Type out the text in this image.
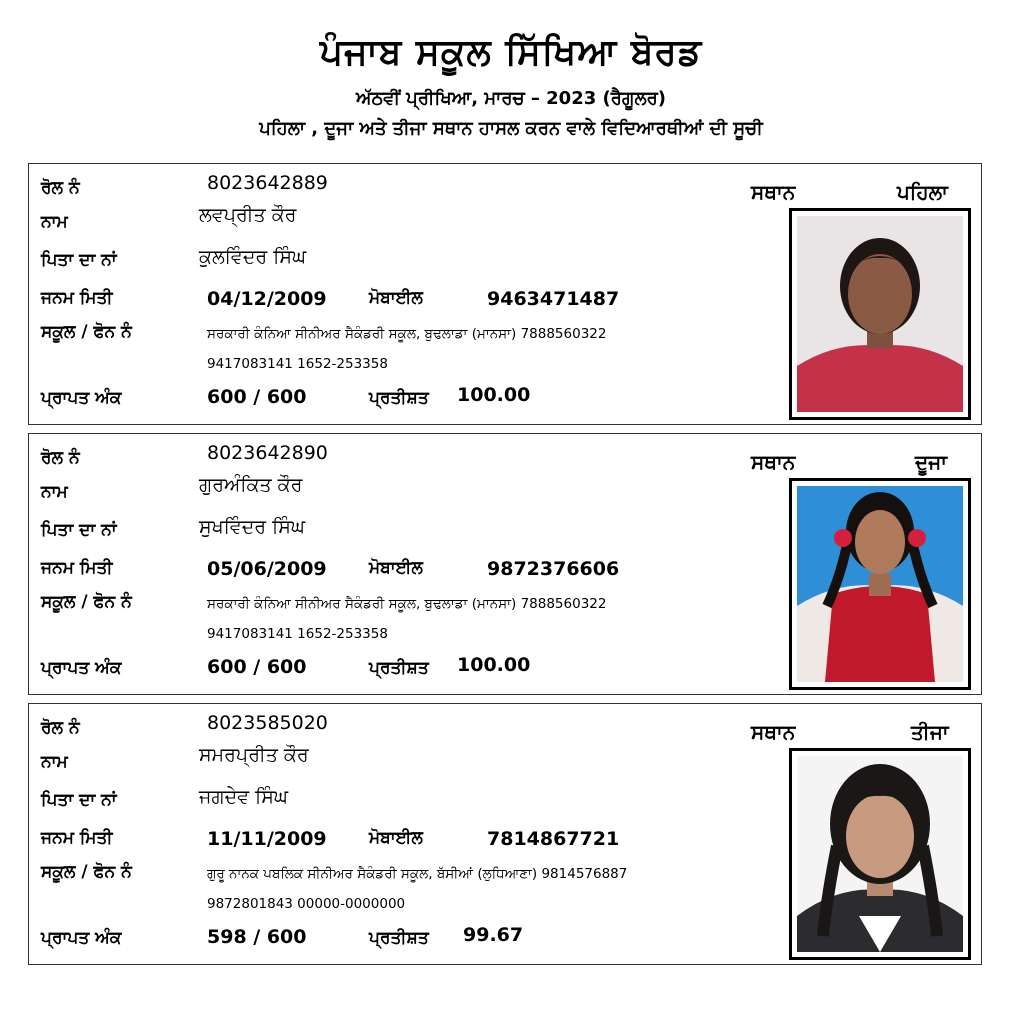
ਪੰਜਾਬ ਸਕੂਲ ਸਿੱਖਿਆ ਬੋਰਡ
ਅੱਠਵੀਂ ਪ੍ਰੀਖਿਆ, ਮਾਰਚ – 2023 (ਰੈਗੂਲਰ)
ਪਹਿਲਾ , ਦੂਜਾ ਅਤੇ ਤੀਜਾ ਸਥਾਨ ਹਾਸਲ ਕਰਨ ਵਾਲੇ ਵਿਦਿਆਰਥੀਆਂ ਦੀ ਸੂਚੀ
ਰੋਲ ਨੰ	8023642889
ਨਾਮ	ਲਵਪ੍ਰੀਤ ਕੌਰ
ਪਿਤਾ ਦਾ ਨਾਂ	ਕੁਲਵਿੰਦਰ ਸਿੰਘ
ਜਨਮ ਮਿਤੀ	04/12/2009 ਮੋਬਾਈਲ	9463471487
ਸਕੂਲ / ਫੋਨ ਨੰ	ਸਰਕਾਰੀ ਕੰਨਿਆ ਸੀਨੀਅਰ ਸੈਕੰਡਰੀ ਸਕੂਲ, ਬੁਢਲਾਡਾ (ਮਾਨਸਾ) 7888560322
9417083141 1652-253358
ਪ੍ਰਾਪਤ ਅੰਕ	600 / 600	ਪ੍ਰਤੀਸ਼ਤ 100.00
ਸਥਾਨ	ਪਹਿਲਾ
ਰੋਲ ਨੰ	8023642890
ਨਾਮ	ਗੁਰਅੰਕਿਤ ਕੌਰ
ਪਿਤਾ ਦਾ ਨਾਂ	ਸੁਖਵਿੰਦਰ ਸਿੰਘ
ਜਨਮ ਮਿਤੀ	05/06/2009 ਮੋਬਾਈਲ	9872376606
ਸਕੂਲ / ਫੋਨ ਨੰ	ਸਰਕਾਰੀ ਕੰਨਿਆ ਸੀਨੀਅਰ ਸੈਕੰਡਰੀ ਸਕੂਲ, ਬੁਢਲਾਡਾ (ਮਾਨਸਾ) 7888560322
9417083141 1652-253358
ਪ੍ਰਾਪਤ ਅੰਕ	600 / 600	ਪ੍ਰਤੀਸ਼ਤ 100.00
ਸਥਾਨ	ਦੂਜਾ
ਰੋਲ ਨੰ	8023585020
ਨਾਮ	ਸਮਰਪ੍ਰੀਤ ਕੌਰ
ਪਿਤਾ ਦਾ ਨਾਂ	ਜਗਦੇਵ ਸਿੰਘ
ਜਨਮ ਮਿਤੀ	11/11/2009 ਮੋਬਾਈਲ	7814867721
ਸਕੂਲ / ਫੋਨ ਨੰ	ਗੁਰੂ ਨਾਨਕ ਪਬਲਿਕ ਸੀਨੀਅਰ ਸੈਕੰਡਰੀ ਸਕੂਲ, ਬੱਸੀਆਂ (ਲੁਧਿਆਣਾ) 9814576887
9872801843 00000-0000000
ਪ੍ਰਾਪਤ ਅੰਕ	598 / 600	ਪ੍ਰਤੀਸ਼ਤ 99.67
ਸਥਾਨ	ਤੀਜਾ
